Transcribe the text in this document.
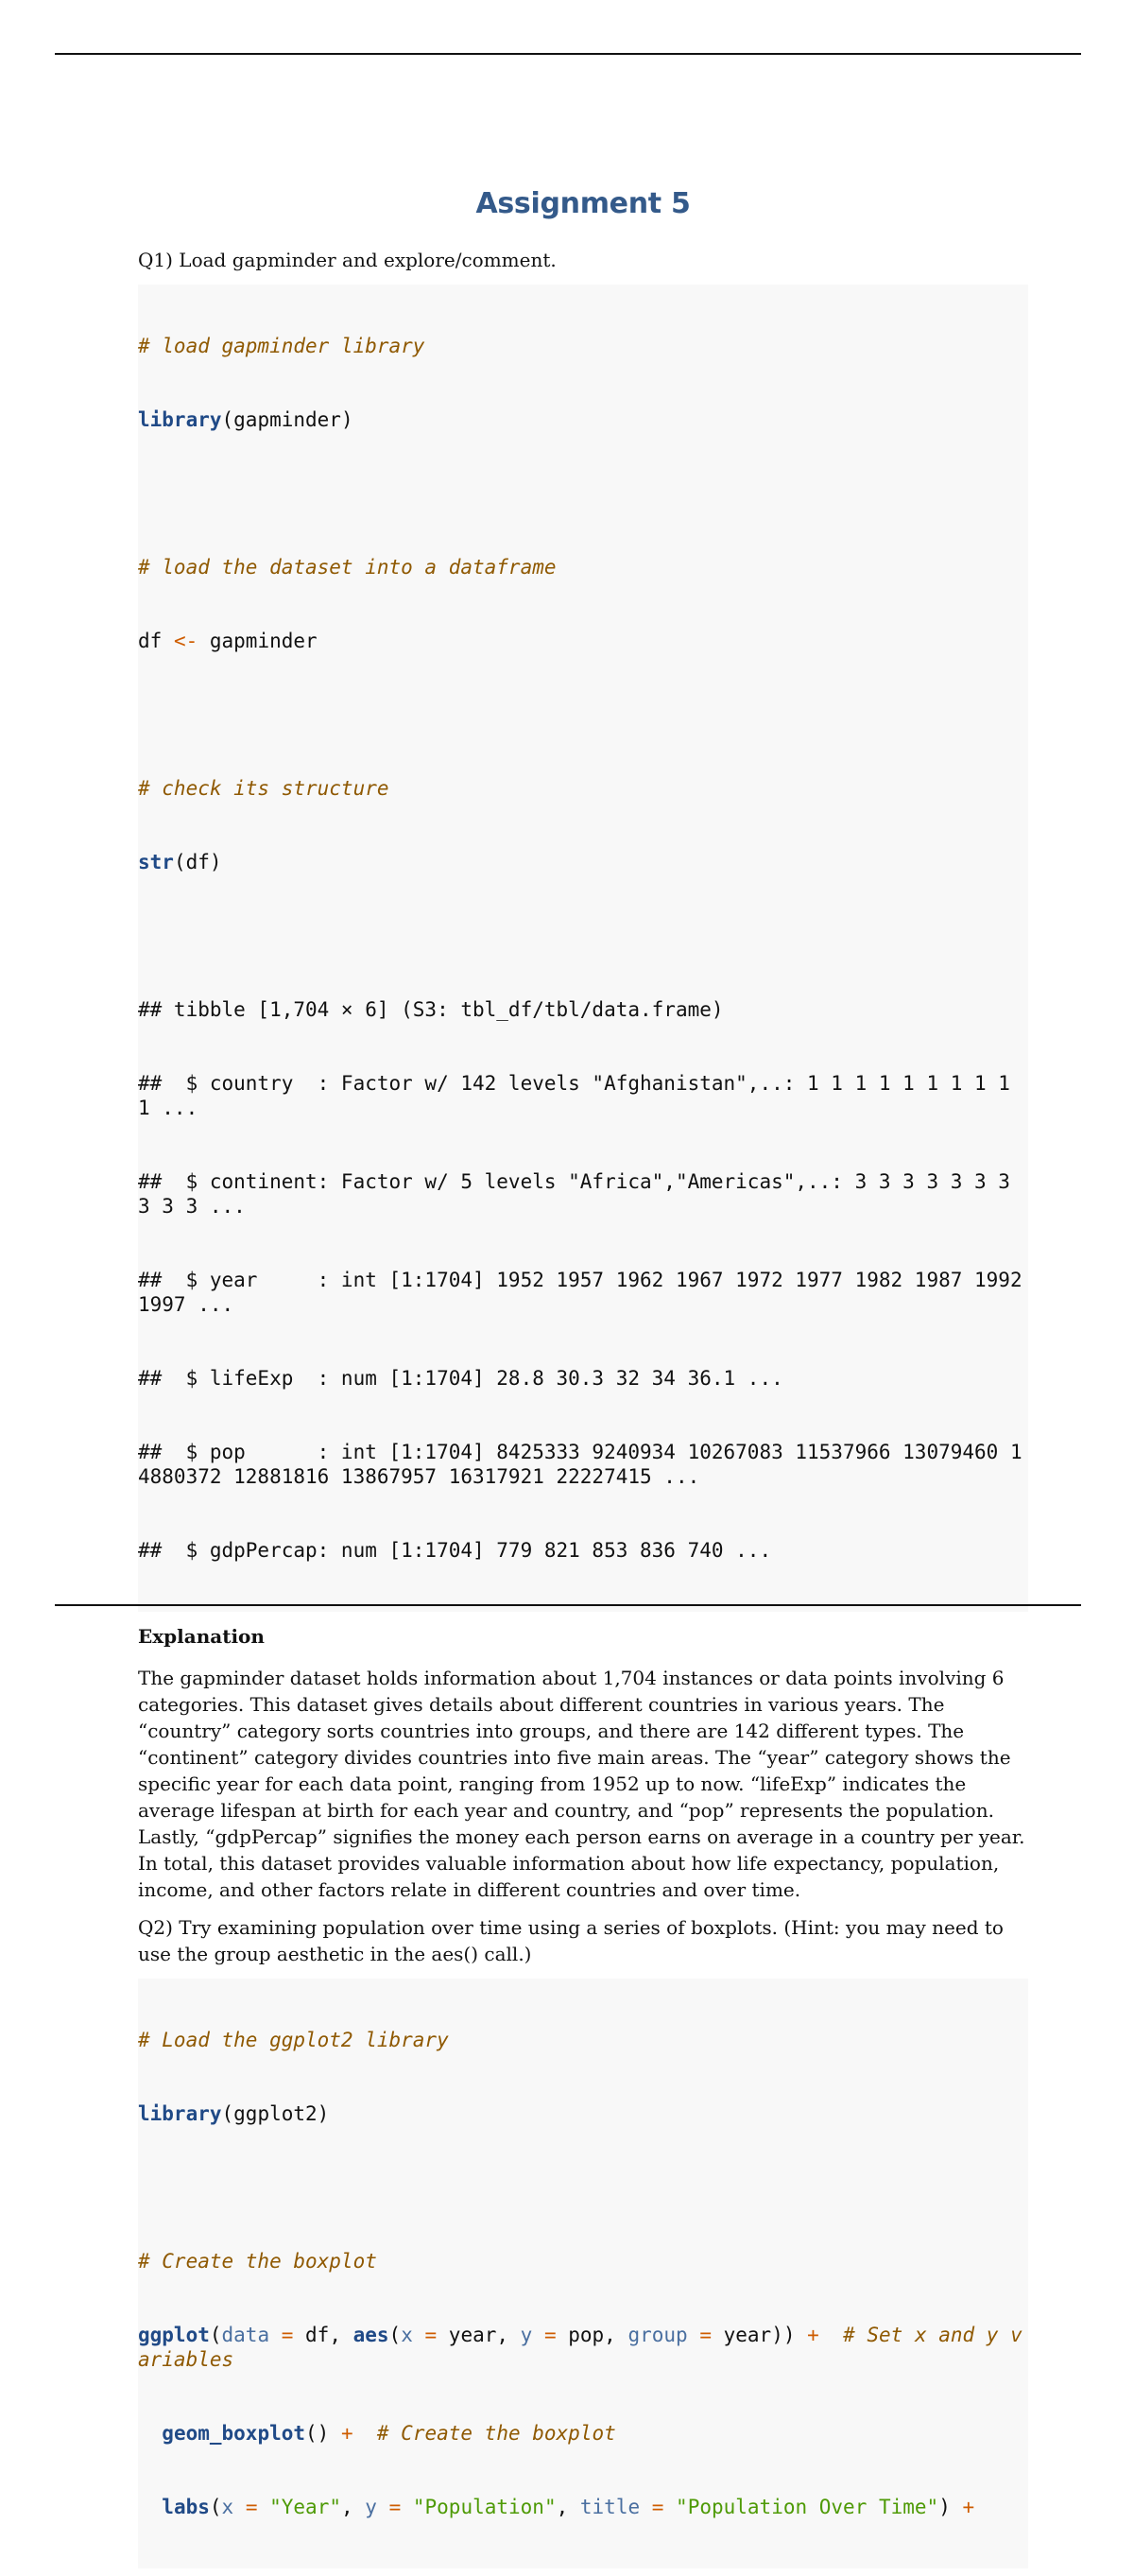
Assignment 5

Q1) Load gapminder and explore/comment.

# load gapminder library

library(gapminder)

# load the dataset into a dataframe

df <- gapminder

# check its structure

str(df)

## tibble [1,704 × 6] (S3: tbl_df/tbl/data.frame)

##  $ country  : Factor w/ 142 levels "Afghanistan",..: 1 1 1 1 1 1 1 1 1 1 ...

##  $ continent: Factor w/ 5 levels "Africa","Americas",..: 3 3 3 3 3 3 3 3 3 3 ...

##  $ year     : int [1:1704] 1952 1957 1962 1967 1972 1977 1982 1987 1992 1997 ...

##  $ lifeExp  : num [1:1704] 28.8 30.3 32 34 36.1 ...

##  $ pop      : int [1:1704] 8425333 9240934 10267083 11537966 13079460 14880372 12881816 13867957 16317921 22227415 ...

##  $ gdpPercap: num [1:1704] 779 821 853 836 740 ...

Explanation

The gapminder dataset holds information about 1,704 instances or data points involving 6 categories. This dataset gives details about different countries in various years. The “country” category sorts countries into groups, and there are 142 different types. The “continent” category divides countries into five main areas. The “year” category shows the specific year for each data point, ranging from 1952 up to now. “lifeExp” indicates the average lifespan at birth for each year and country, and “pop” represents the population. Lastly, “gdpPercap” signifies the money each person earns on average in a country per year. In total, this dataset provides valuable information about how life expectancy, population, income, and other factors relate in different countries and over time.

Q2) Try examining population over time using a series of boxplots. (Hint: you may need to use the group aesthetic in the aes() call.)

# Load the ggplot2 library

library(ggplot2)

# Create the boxplot

ggplot(data = df, aes(x = year, y = pop, group = year)) +  # Set x and y variables

geom_boxplot() +  # Create the boxplot

labs(x = "Year", y = "Population", title = "Population Over Time") +
